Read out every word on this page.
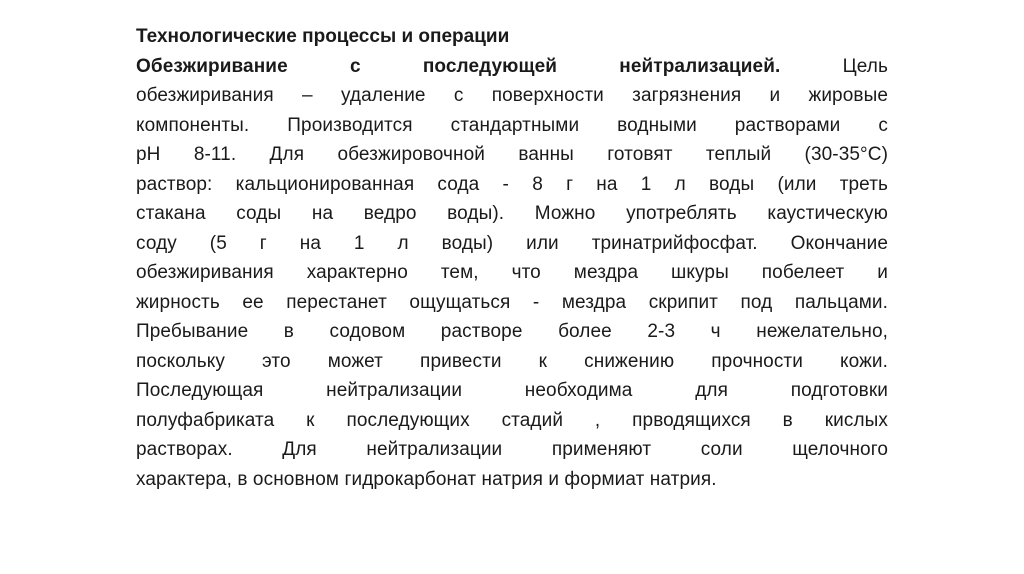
Технологические процессы и операции
Обезжиривание с последующей нейтрализацией.	Цель
обезжиривания – удаление с поверхности загрязнения и жировые
компоненты. Производится стандартными водными растворами с
pH 8-11. Для обезжировочной ванны готовят теплый (30-35°C)
раствор: кальционированная сода - 8 г на 1 л воды (или треть
стакана соды на ведро воды). Можно употреблять каустическую
соду (5 г на 1 л воды) или тринатрийфосфат. Окончание
обезжиривания характерно тем, что мездра шкуры побелеет и
жирность ее перестанет ощущаться - мездра скрипит под пальцами.
Пребывание в содовом растворе более 2-3 ч нежелательно,
поскольку это может привести к снижению прочности кожи.
Последующая нейтрализации необходима для подготовки
полуфабриката к последующих стадий , прводящихся в кислых
растворах. Для нейтрализации применяют соли щелочного
характера, в основном гидрокарбонат натрия и формиат натрия.
